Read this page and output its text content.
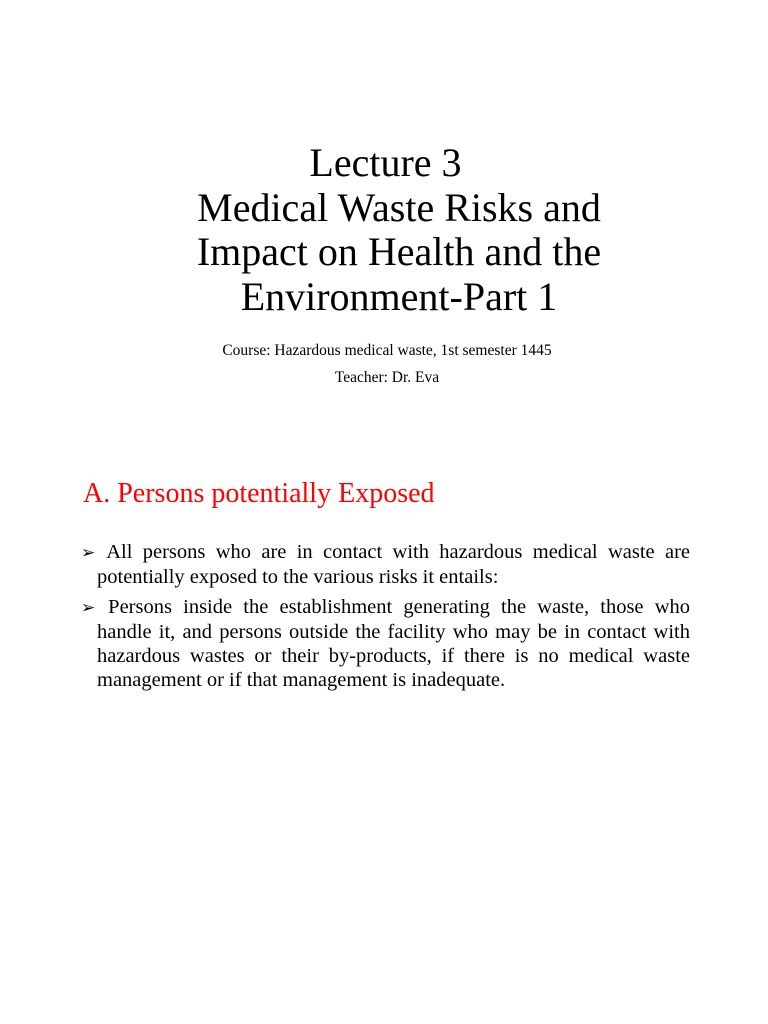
Lecture 3
Medical Waste Risks and
Impact on Health and the
Environment-Part 1
Course: Hazardous medical waste, 1st semester 1445
Teacher: Dr. Eva
A. Persons potentially Exposed
➢ All persons who are in contact with hazardous medical waste are potentially exposed to the various risks it entails:
➢ Persons inside the establishment generating the waste, those who handle it, and persons outside the facility who may be in contact with hazardous wastes or their by-products, if there is no medical waste management or if that management is inadequate.
